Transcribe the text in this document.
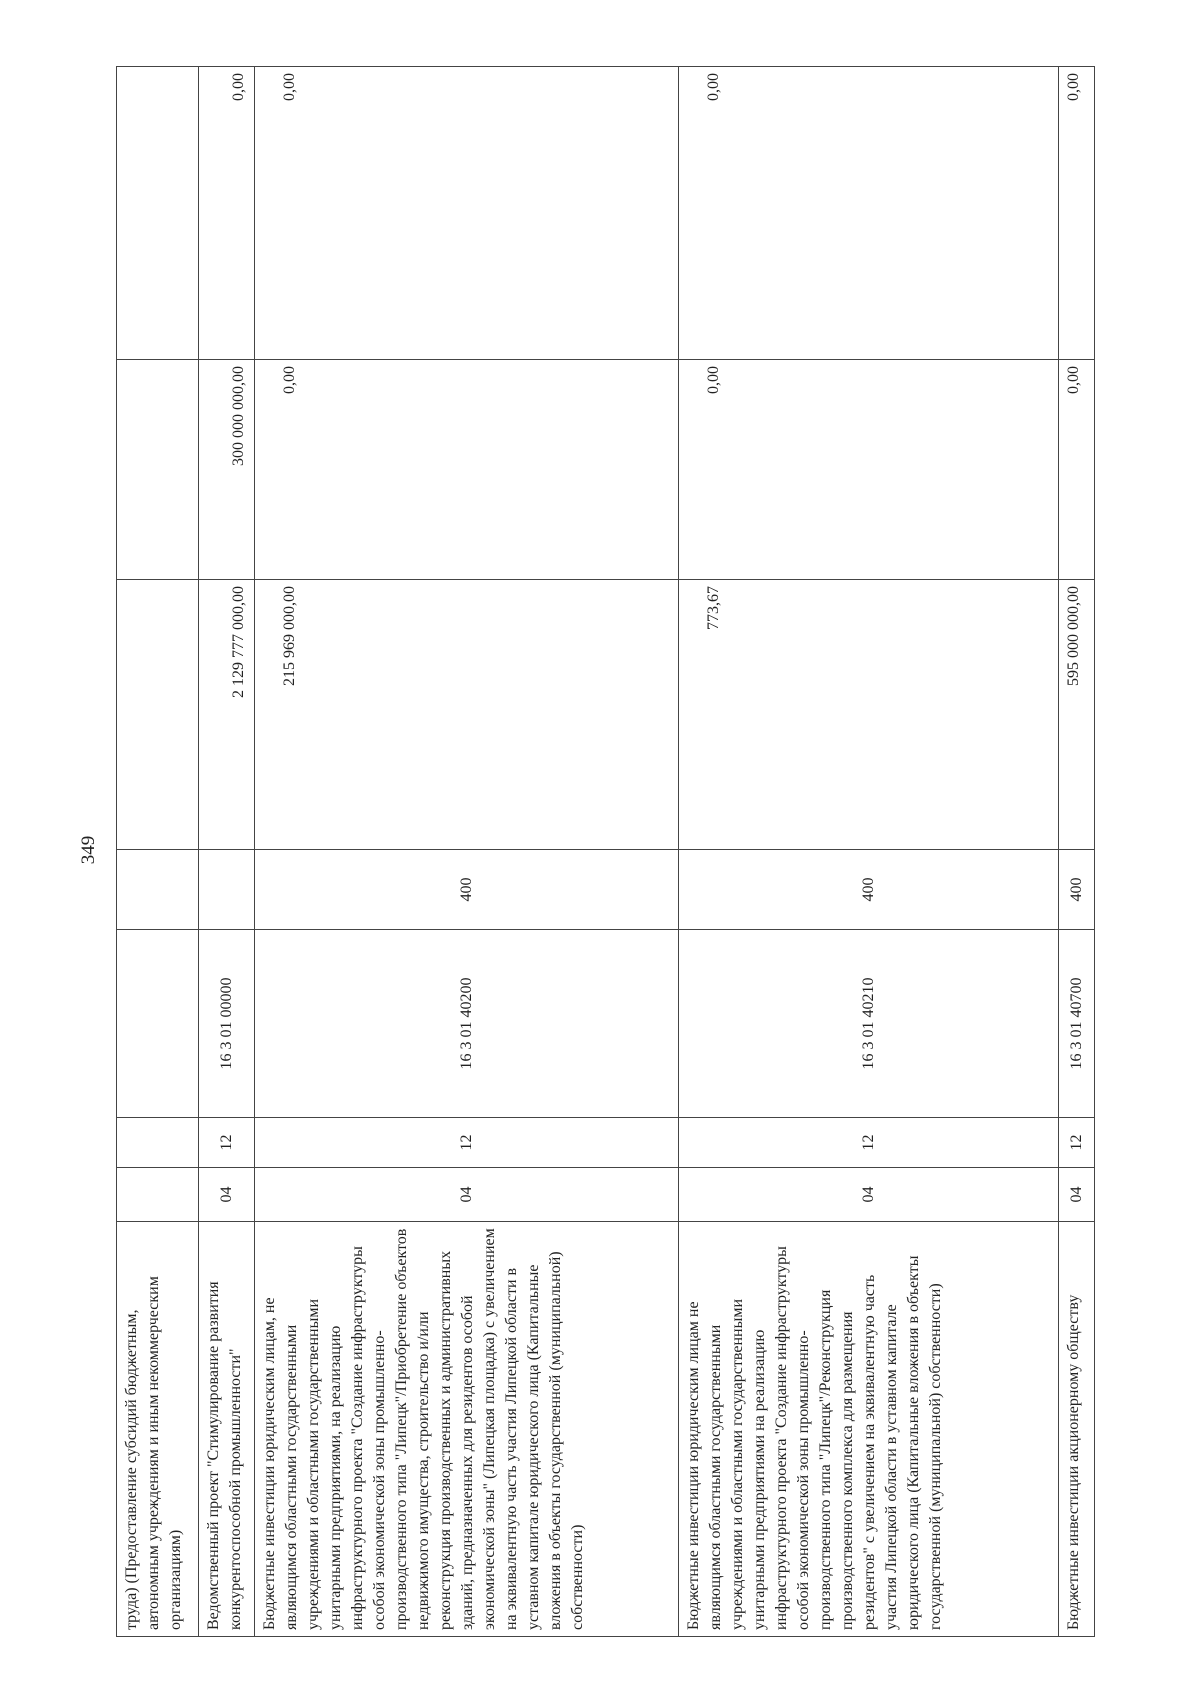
349
труда) (Предоставление субсидий бюджетным, автономным учреждениям и иным некоммерческим организациям)							
Ведомственный проект "Стимулирование развития конкурентоспособной промышленности"	04	12	16 3 01 00000		2 129 777 000,00	300 000 000,00	0,00
Бюджетные инвестиции юридическим лицам, не являющимся областными государственными учреждениями и областными государственными унитарными предприятиями, на реализацию инфраструктурного проекта "Создание инфраструктуры особой экономической зоны промышленно-производственного типа "Липецк"/Приобретение объектов недвижимого имущества, строительство и/или реконструкция производственных и административных зданий, предназначенных для резидентов особой экономической зоны" (Липецкая площадка) с увеличением на эквивалентную часть участия Липецкой области в уставном капитале юридического лица (Капитальные вложения в объекты государственной (муниципальной) собственности)	04	12	16 3 01 40200	400	215 969 000,00	0,00	0,00

Бюджетные инвестиции юридическим лицам не являющимся областными государственными учреждениями и областными государственными унитарными предприятиями на реализацию инфраструктурного проекта "Создание инфраструктуры особой экономической зоны промышленно-производственного типа "Липецк"/Реконструкция производственного комплекса для размещения резидентов" с увеличением на эквивалентную часть участия Липецкой области в уставном капитале юридического лица (Капитальные вложения в объекты государственной (муниципальной) собственности)	04	12	16 3 01 40210	400	773,67	0,00	0,00

Бюджетные инвестиции акционерному обществу	04	12	16 3 01 40700	400	595 000 000,00	0,00	0,00
